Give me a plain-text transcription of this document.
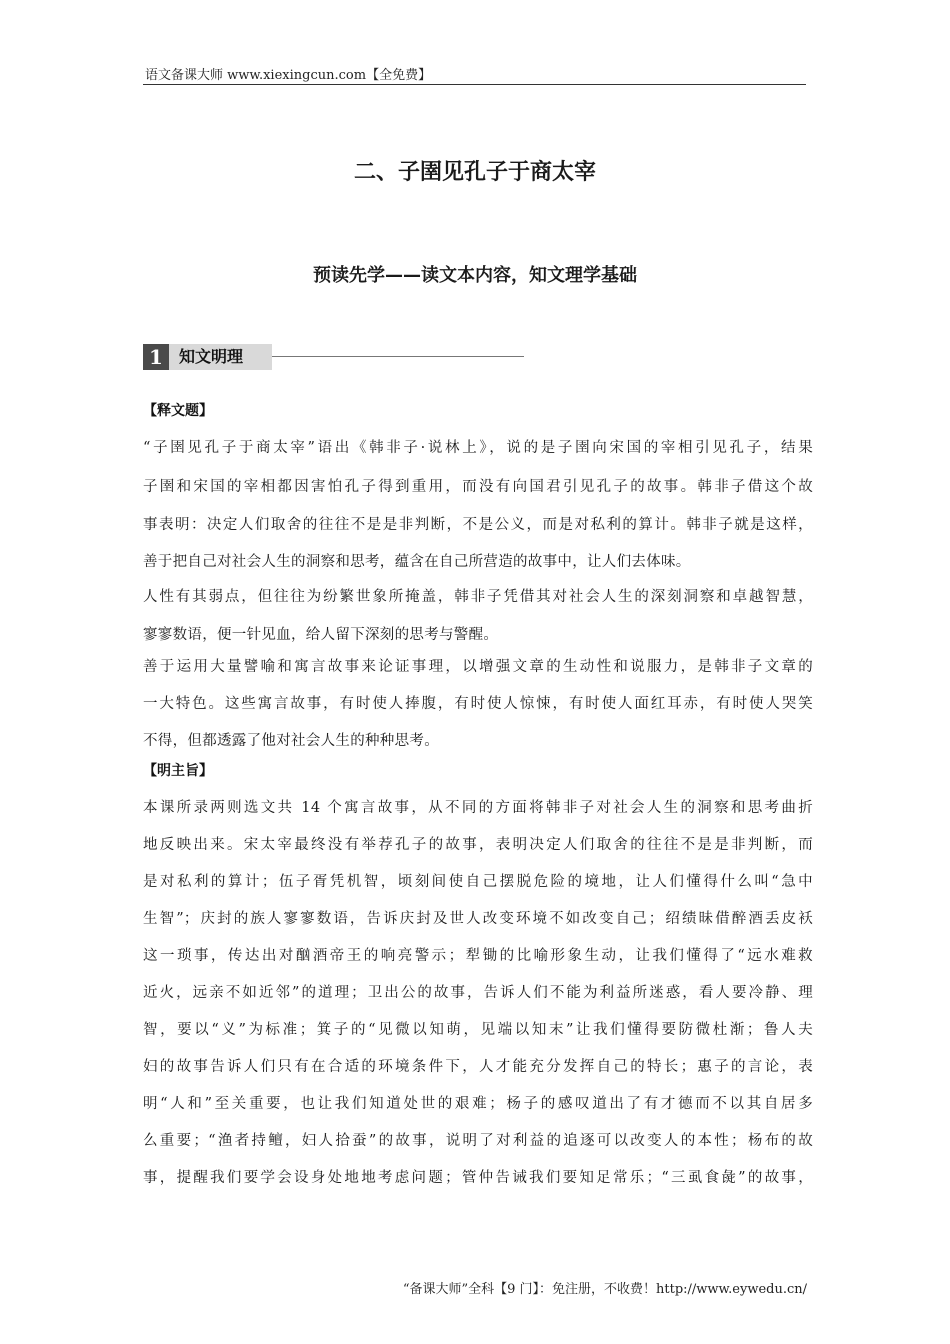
语文备课大师 www.xiexingcun.com【全免费】
二、子圉见孔子于商太宰
预读先学——读文本内容，知文理学基础
1	知文明理
【释文题】
“子圉见孔子于商太宰”语出《韩非子·说林上》，说的是子圉向宋国的宰相引见孔子，结果
子圉和宋国的宰相都因害怕孔子得到重用，而没有向国君引见孔子的故事。韩非子借这个故
事表明：决定人们取舍的往往不是是非判断，不是公义，而是对私利的算计。韩非子就是这样，
善于把自己对社会人生的洞察和思考，蕴含在自己所营造的故事中，让人们去体味。
人性有其弱点，但往往为纷繁世象所掩盖，韩非子凭借其对社会人生的深刻洞察和卓越智慧，
寥寥数语，便一针见血，给人留下深刻的思考与警醒。
善于运用大量譬喻和寓言故事来论证事理，以增强文章的生动性和说服力，是韩非子文章的
一大特色。这些寓言故事，有时使人捧腹，有时使人惊悚，有时使人面红耳赤，有时使人哭笑
不得，但都透露了他对社会人生的种种思考。
【明主旨】
本课所录两则选文共 14 个寓言故事，从不同的方面将韩非子对社会人生的洞察和思考曲折
地反映出来。宋太宰最终没有举荐孔子的故事，表明决定人们取舍的往往不是是非判断，而
是对私利的算计；伍子胥凭机智，顷刻间使自己摆脱危险的境地，让人们懂得什么叫“急中
生智”；庆封的族人寥寥数语，告诉庆封及世人改变环境不如改变自己；绍绩昧借醉酒丢皮袄
这一琐事，传达出对酗酒帝王的响亮警示；犁锄的比喻形象生动，让我们懂得了“远水难救
近火，远亲不如近邻”的道理；卫出公的故事，告诉人们不能为利益所迷惑，看人要冷静、理
智，要以“义”为标准；箕子的“见微以知萌，见端以知末”让我们懂得要防微杜渐；鲁人夫
妇的故事告诉人们只有在合适的环境条件下，人才能充分发挥自己的特长；惠子的言论，表
明“人和”至关重要，也让我们知道处世的艰难；杨子的感叹道出了有才德而不以其自居多
么重要；“渔者持鳣，妇人拾蚕”的故事，说明了对利益的追逐可以改变人的本性；杨布的故
事，提醒我们要学会设身处地地考虑问题；管仲告诫我们要知足常乐；“三虱食彘”的故事，
“备课大师”全科【9 门】：免注册，不收费！http://www.eywedu.cn/
